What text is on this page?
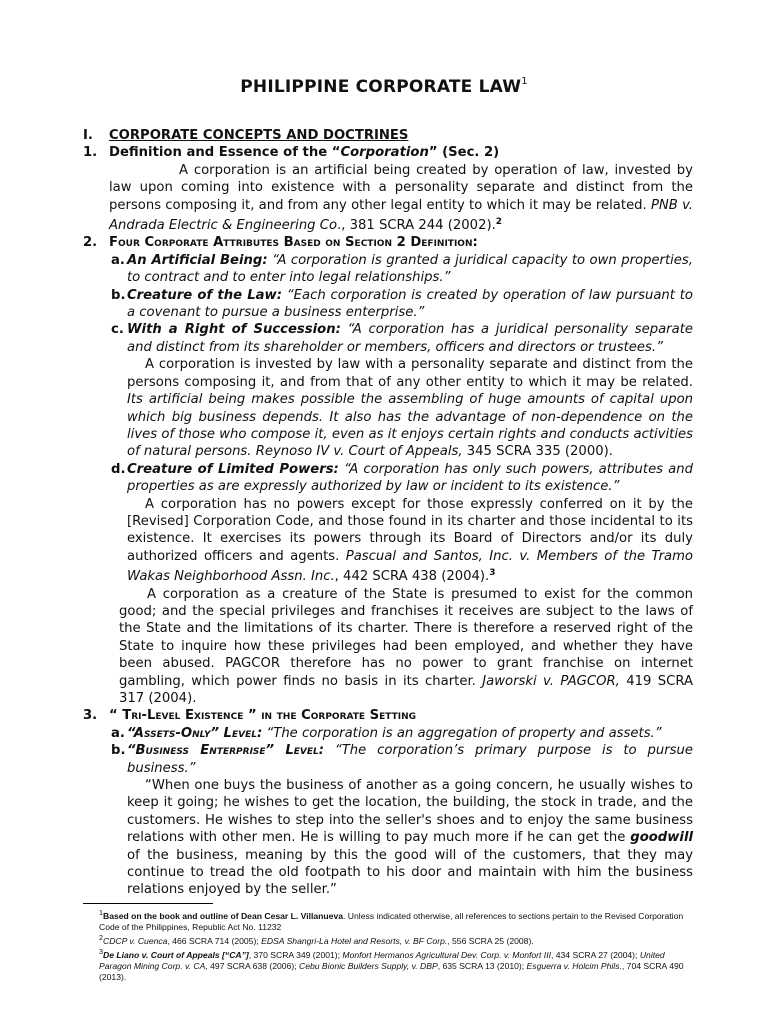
PHILIPPINE CORPORATE LAW$^1$
I. CORPORATE CONCEPTS AND DOCTRINES
1. Definition and Essence of the “Corporation” (Sec. 2)

A corporation is an artificial being created by operation of law, invested by law upon coming into existence with a personality separate and distinct from the persons composing it, and from any other legal entity to which it may be related. PNB v. Andrada Electric & Engineering Co., 381 SCRA 244 (2002).$^2$

2. Four Corporate Attributes Based on Section 2 Definition:
a. An Artificial Being: “A corporation is granted a juridical capacity to own properties, to contract and to enter into legal relationships.”
b. Creature of the Law: “Each corporation is created by operation of law pursuant to a covenant to pursue a business enterprise.”
c. With a Right of Succession: “A corporation has a juridical personality separate and distinct from its shareholder or members, officers and directors or trustees.”

A corporation is invested by law with a personality separate and distinct from the persons composing it, and from that of any other entity to which it may be related. Its artificial being makes possible the assembling of huge amounts of capital upon which big business depends. It also has the advantage of non-dependence on the lives of those who compose it, even as it enjoys certain rights and conducts activities of natural persons. Reynoso IV v. Court of Appeals, 345 SCRA 335 (2000).

d. Creature of Limited Powers: “A corporation has only such powers, attributes and properties as are expressly authorized by law or incident to its existence.”

A corporation has no powers except for those expressly conferred on it by the [Revised] Corporation Code, and those found in its charter and those incidental to its existence. It exercises its powers through its Board of Directors and/or its duly authorized officers and agents. Pascual and Santos, Inc. v. Members of the Tramo Wakas Neighborhood Assn. Inc., 442 SCRA 438 (2004).$^3$

A corporation as a creature of the State is presumed to exist for the common good; and the special privileges and franchises it receives are subject to the laws of the State and the limitations of its charter. There is therefore a reserved right of the State to inquire how these privileges had been employed, and whether they have been abused. PAGCOR therefore has no power to grant franchise on internet gambling, which power finds no basis in its charter. Jaworski v. PAGCOR, 419 SCRA 317 (2004).

3. “ Tri-Level Existence ” in the Corporate Setting
a. “Assets-Only” Level: “The corporation is an aggregation of property and assets.”
b. “Business Enterprise” Level: “The corporation’s primary purpose is to pursue business.”

“When one buys the business of another as a going concern, he usually wishes to keep it going; he wishes to get the location, the building, the stock in trade, and the customers. He wishes to step into the seller's shoes and to enjoy the same business relations with other men. He is willing to pay much more if he can get the goodwill of the business, meaning by this the good will of the customers, that they may continue to tread the old footpath to his door and maintain with him the business relations enjoyed by the seller.”

$^1$Based on the book and outline of Dean Cesar L. Villanueva. Unless indicated otherwise, all references to sections pertain to the Revised Corporation Code of the Philippines, Republic Act No. 11232

$^2$CDCP v. Cuenca, 466 SCRA 714 (2005); EDSA Shangri-La Hotel and Resorts, v. BF Corp., 556 SCRA 25 (2008).

$^3$De Liano v. Court of Appeals [“CA”], 370 SCRA 349 (2001); Monfort Hermanos Agricultural Dev. Corp. v. Monfort III, 434 SCRA 27 (2004); United Paragon Mining Corp. v. CA, 497 SCRA 638 (2006); Cebu Bionic Builders Supply, v. DBP, 635 SCRA 13 (2010); Esguerra v. Holcim Phils., 704 SCRA 490 (2013).
